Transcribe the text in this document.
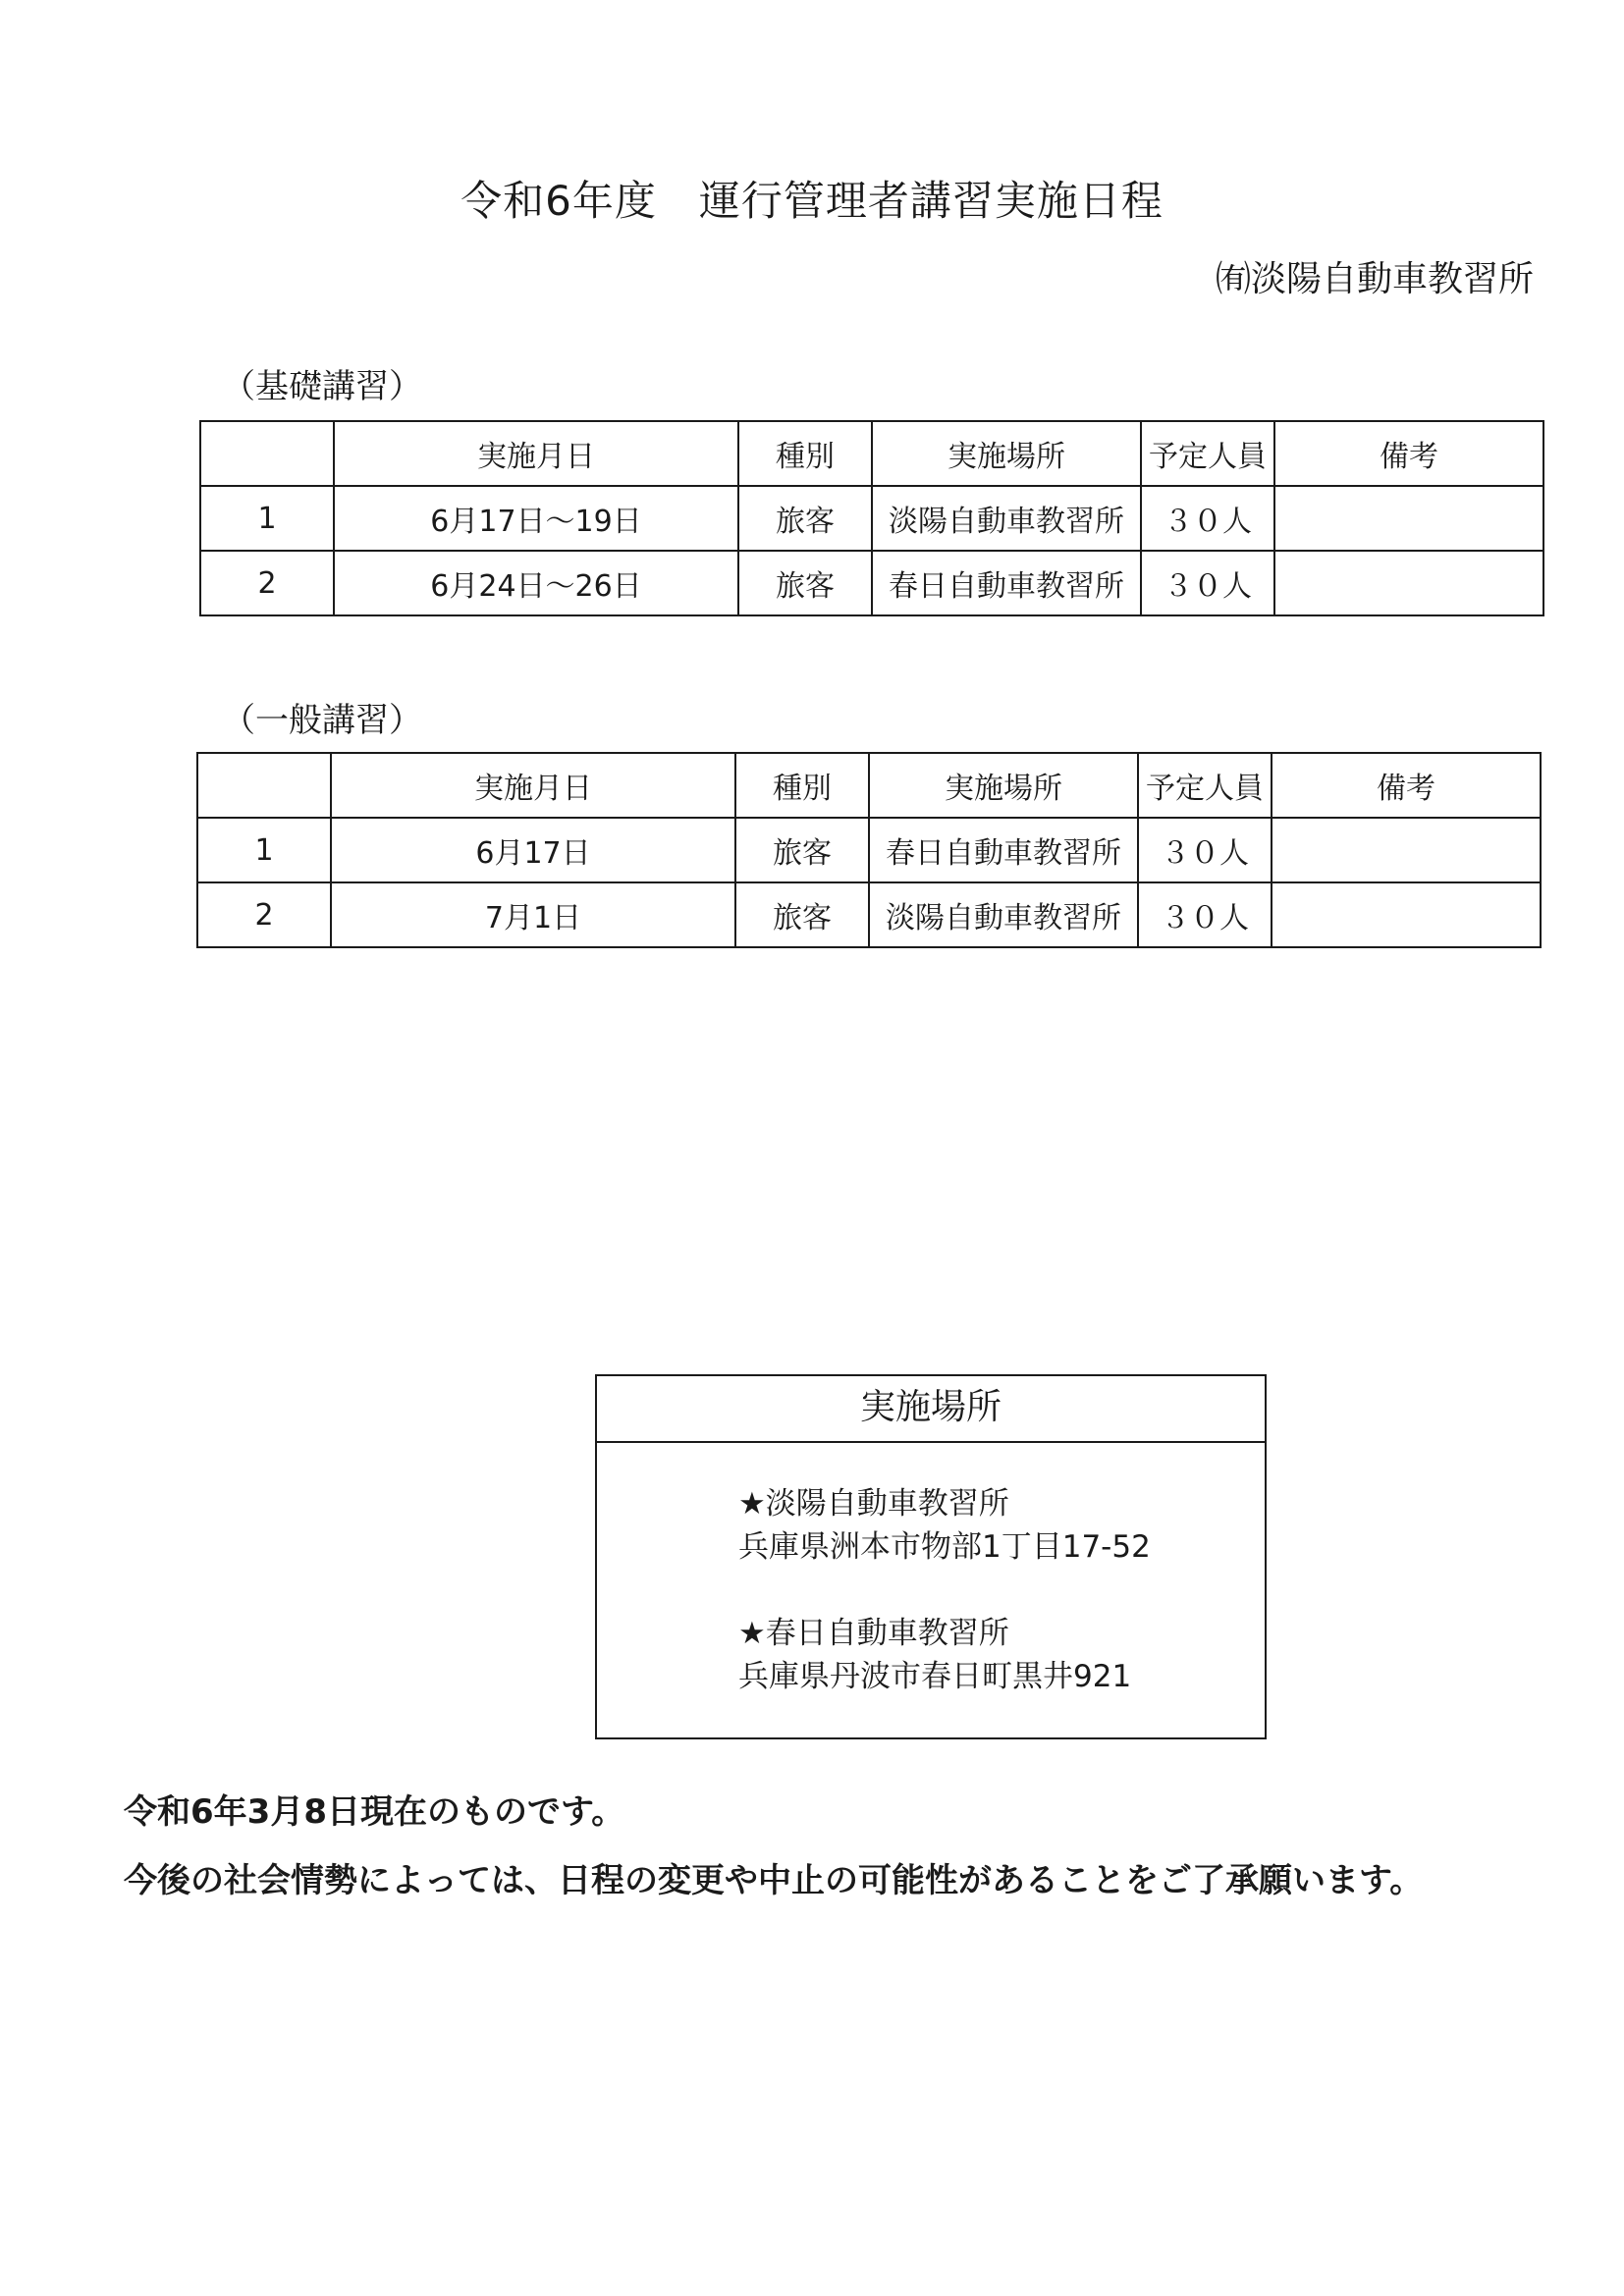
令和6年度　運行管理者講習実施日程
㈲淡陽自動車教習所
（基礎講習）
	実施月日	種別	実施場所	予定人員	備考
1	6月17日～19日	旅客	淡陽自動車教習所	３０人	
2	6月24日～26日	旅客	春日自動車教習所	３０人	
（一般講習）
	実施月日	種別	実施場所	予定人員	備考
1	6月17日	旅客	春日自動車教習所	３０人	
2	7月1日	旅客	淡陽自動車教習所	３０人	
実施場所
★淡陽自動車教習所
兵庫県洲本市物部1丁目17-52
★春日自動車教習所
兵庫県丹波市春日町黒井921
令和6年3月8日現在のものです。
今後の社会情勢によっては、日程の変更や中止の可能性があることをご了承願います。
